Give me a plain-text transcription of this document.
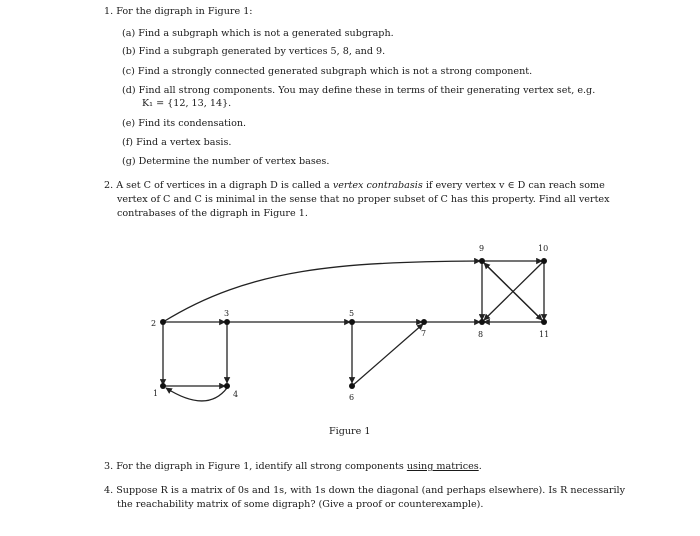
1. For the digraph in Figure 1:
(a) Find a subgraph which is not a generated subgraph.
(b) Find a subgraph generated by vertices 5, 8, and 9.
(c) Find a strongly connected generated subgraph which is not a strong component.
(d) Find all strong components. You may define these in terms of their generating vertex set, e.g.
K₁ = {12, 13, 14}.
(e) Find its condensation.
(f) Find a vertex basis.
(g) Determine the number of vertex bases.
2. A set C of vertices in a digraph D is called a vertex contrabasis if every vertex v ∈ D can reach some
vertex of C and C is minimal in the sense that no proper subset of C has this property. Find all vertex
contrabases of the digraph in Figure 1.
1
2
3
4
5
6
7	8
9	10
11
Figure 1
3. For the digraph in Figure 1, identify all strong components using matrices.
4. Suppose R is a matrix of 0s and 1s, with 1s down the diagonal (and perhaps elsewhere). Is R necessarily
the reachability matrix of some digraph? (Give a proof or counterexample).
